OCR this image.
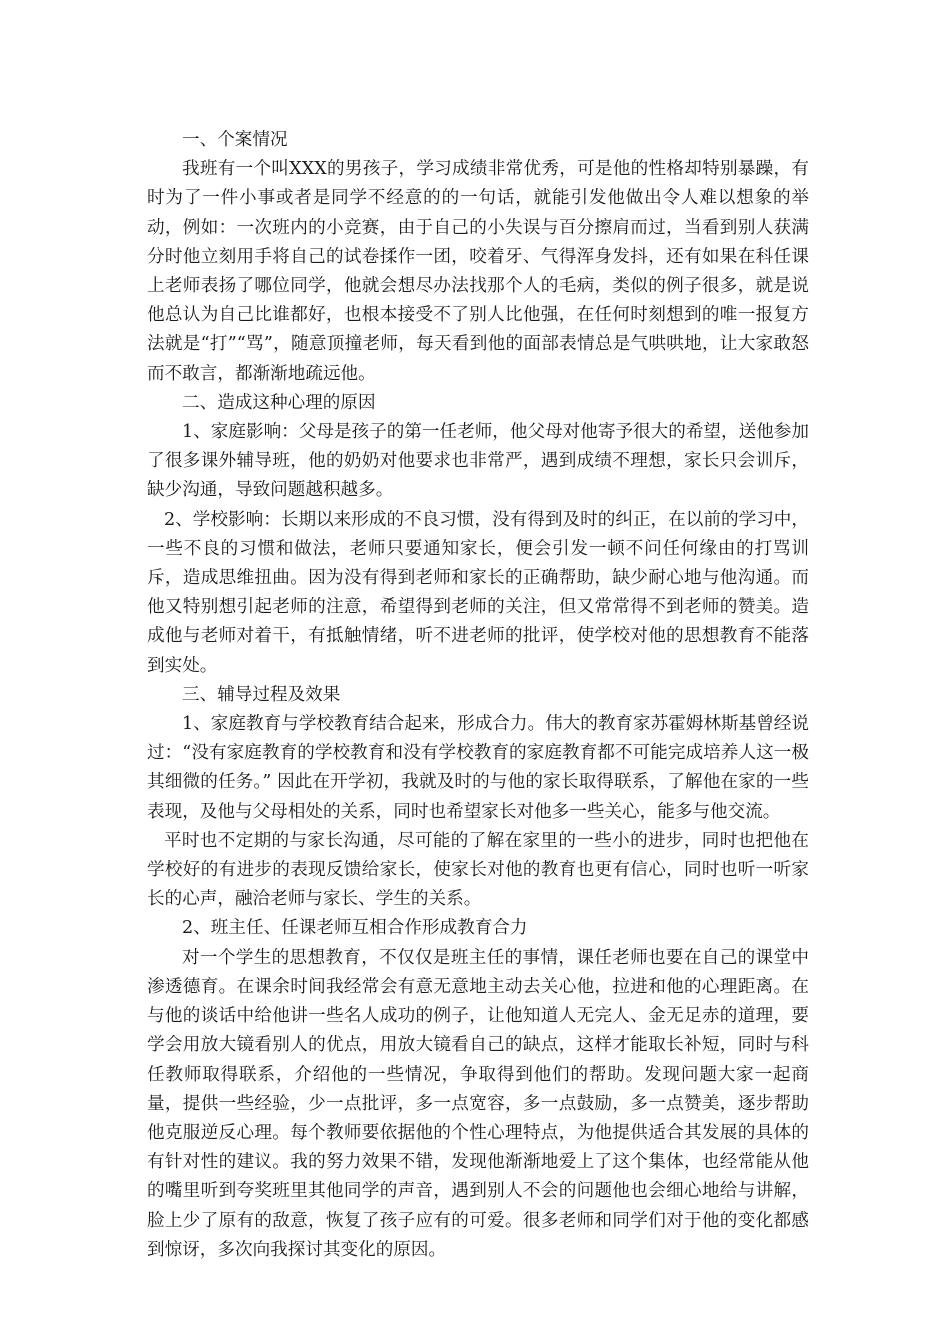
一、个案情况

我班有一个叫XXX的男孩子，学习成绩非常优秀，可是他的性格却特别暴躁，有时为了一件小事或者是同学不经意的的一句话，就能引发他做出令人难以想象的举动，例如：一次班内的小竞赛，由于自己的小失误与百分擦肩而过，当看到别人获满分时他立刻用手将自己的试卷揉作一团，咬着牙、气得浑身发抖，还有如果在科任课上老师表扬了哪位同学，他就会想尽办法找那个人的毛病，类似的例子很多，就是说他总认为自己比谁都好，也根本接受不了别人比他强，在任何时刻想到的唯一报复方法就是“打”“骂”，随意顶撞老师，每天看到他的面部表情总是气哄哄地，让大家敢怒而不敢言，都渐渐地疏远他。

二、造成这种心理的原因

1、家庭影响：父母是孩子的第一任老师，他父母对他寄予很大的希望，送他参加了很多课外辅导班，他的奶奶对他要求也非常严，遇到成绩不理想，家长只会训斥，缺少沟通，导致问题越积越多。

2、学校影响：长期以来形成的不良习惯，没有得到及时的纠正，在以前的学习中，一些不良的习惯和做法，老师只要通知家长，便会引发一顿不问任何缘由的打骂训斥，造成思维扭曲。因为没有得到老师和家长的正确帮助，缺少耐心地与他沟通。而他又特别想引起老师的注意，希望得到老师的关注，但又常常得不到老师的赞美。造成他与老师对着干，有抵触情绪，听不进老师的批评，使学校对他的思想教育不能落到实处。

三、辅导过程及效果

1、家庭教育与学校教育结合起来，形成合力。伟大的教育家苏霍姆林斯基曾经说过：“没有家庭教育的学校教育和没有学校教育的家庭教育都不可能完成培养人这一极其细微的任务。” 因此在开学初，我就及时的与他的家长取得联系，了解他在家的一些表现，及他与父母相处的关系，同时也希望家长对他多一些关心，能多与他交流。

平时也不定期的与家长沟通，尽可能的了解在家里的一些小的进步，同时也把他在学校好的有进步的表现反馈给家长，使家长对他的教育也更有信心，同时也听一听家长的心声，融洽老师与家长、学生的关系。

2、班主任、任课老师互相合作形成教育合力

对一个学生的思想教育，不仅仅是班主任的事情，课任老师也要在自己的课堂中渗透德育。在课余时间我经常会有意无意地主动去关心他，拉进和他的心理距离。在与他的谈话中给他讲一些名人成功的例子，让他知道人无完人、金无足赤的道理，要学会用放大镜看别人的优点，用放大镜看自己的缺点，这样才能取长补短，同时与科任教师取得联系，介绍他的一些情况，争取得到他们的帮助。发现问题大家一起商量，提供一些经验，少一点批评，多一点宽容，多一点鼓励，多一点赞美，逐步帮助他克服逆反心理。每个教师要依据他的个性心理特点，为他提供适合其发展的具体的有针对性的建议。我的努力效果不错，发现他渐渐地爱上了这个集体，也经常能从他的嘴里听到夸奖班里其他同学的声音，遇到别人不会的问题他也会细心地给与讲解，脸上少了原有的敌意，恢复了孩子应有的可爱。很多老师和同学们对于他的变化都感到惊讶，多次向我探讨其变化的原因。
